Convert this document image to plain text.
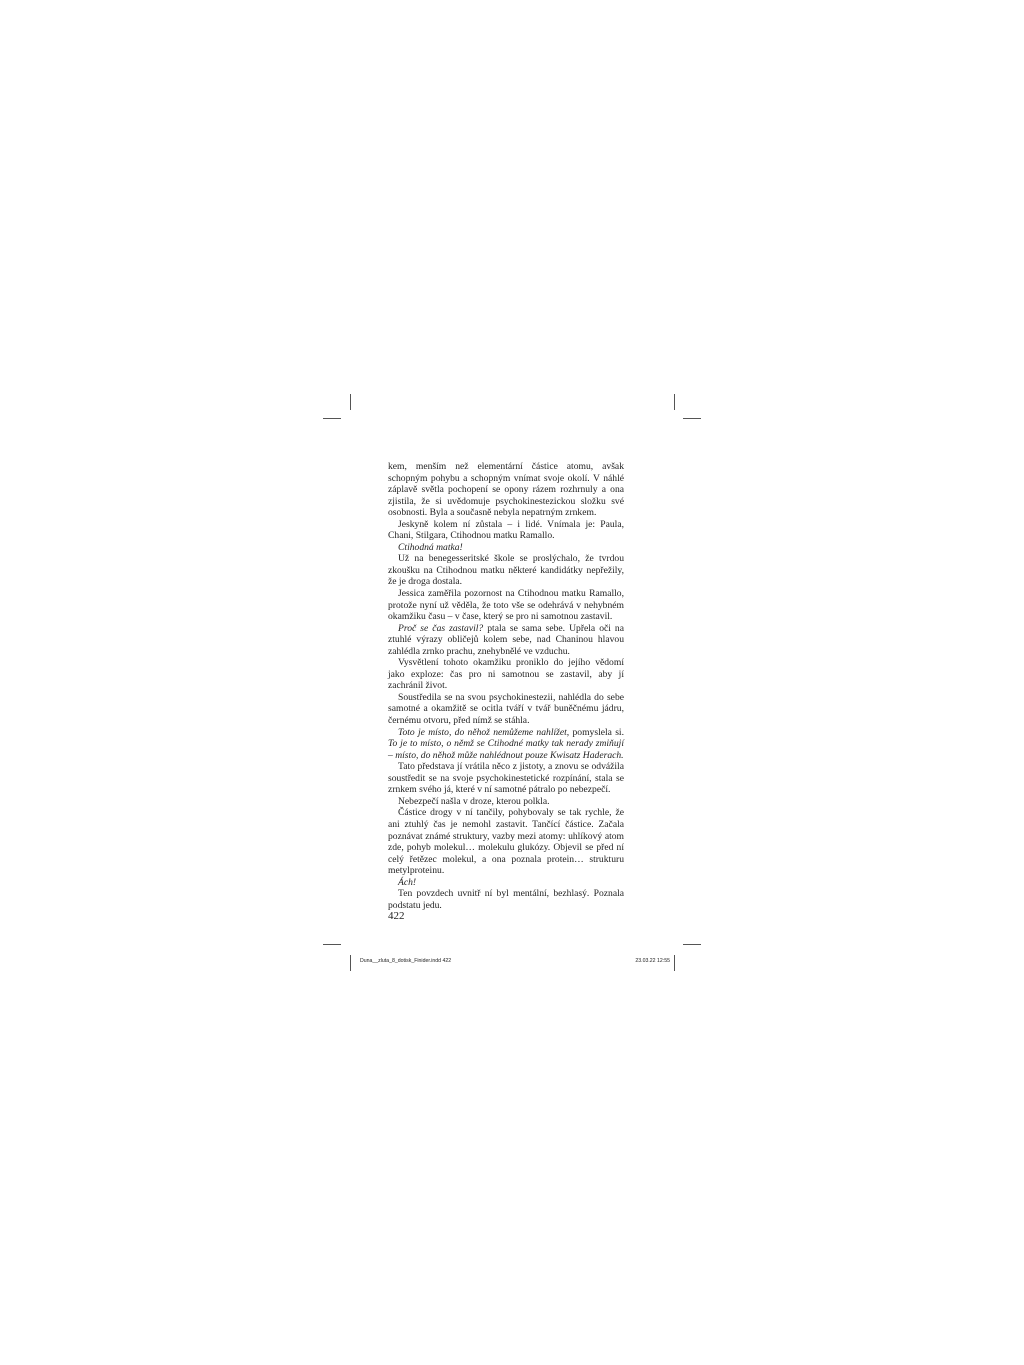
kem, menším než elementární částice atomu, avšak schopným pohybu a schopným vnímat svoje okolí. V náhlé záplavě světla pochopení se opony rázem rozhrnuly a ona zjistila, že si uvědomuje psychokinestezickou složku své osobnosti. Byla a současně nebyla nepatrným zrnkem.

Jeskyně kolem ní zůstala – i lidé. Vnímala je: Paula, Chani, Stilgara, Ctihodnou matku Ramallo.

Ctihodná matka!

Už na benegesseritské škole se proslýchalo, že tvrdou zkoušku na Ctihodnou matku některé kandidátky nepřežily, že je droga dostala.

Jessica zaměřila pozornost na Ctihodnou matku Ramallo, protože nyní už věděla, že toto vše se odehrává v nehybném okamžiku času – v čase, který se pro ni samotnou zastavil.

Proč se čas zastavil? ptala se sama sebe. Upřela oči na ztuhlé výrazy obličejů kolem sebe, nad Chaninou hlavou zahlédla zrnko prachu, znehybnělé ve vzduchu.

Vysvětlení tohoto okamžiku proniklo do jejího vědomí jako exploze: čas pro ni samotnou se zastavil, aby jí zachránil život.

Soustředila se na svou psychokinestezii, nahlédla do sebe samotné a okamžitě se ocitla tváří v tvář buněčnému jádru, černému otvoru, před nímž se stáhla.

Toto je místo, do něhož nemůžeme nahlížet, pomyslela si. To je to místo, o němž se Ctihodné matky tak nerady zmiňují – místo, do něhož může nahlédnout pouze Kwisatz Haderach.

Tato představa jí vrátila něco z jistoty, a znovu se odvážila soustředit se na svoje psychokinestetické rozpínání, stala se zrnkem svého já, které v ní samotné pátralo po nebezpečí.

Nebezpečí našla v droze, kterou polkla.

Částice drogy v ní tančily, pohybovaly se tak rychle, že ani ztuhlý čas je nemohl zastavit. Tančící částice. Začala poznávat známé struktury, vazby mezi atomy: uhlíkový atom zde, pohyb molekul… molekulu glukózy. Objevil se před ní celý řetězec molekul, a ona poznala protein… strukturu metylproteinu.

Ách!

Ten povzdech uvnitř ní byl mentální, bezhlasý. Poznala podstatu jedu.

422
Duna__zluta_8_dotisk_Finider.indd 422	23.03.22 12:55
